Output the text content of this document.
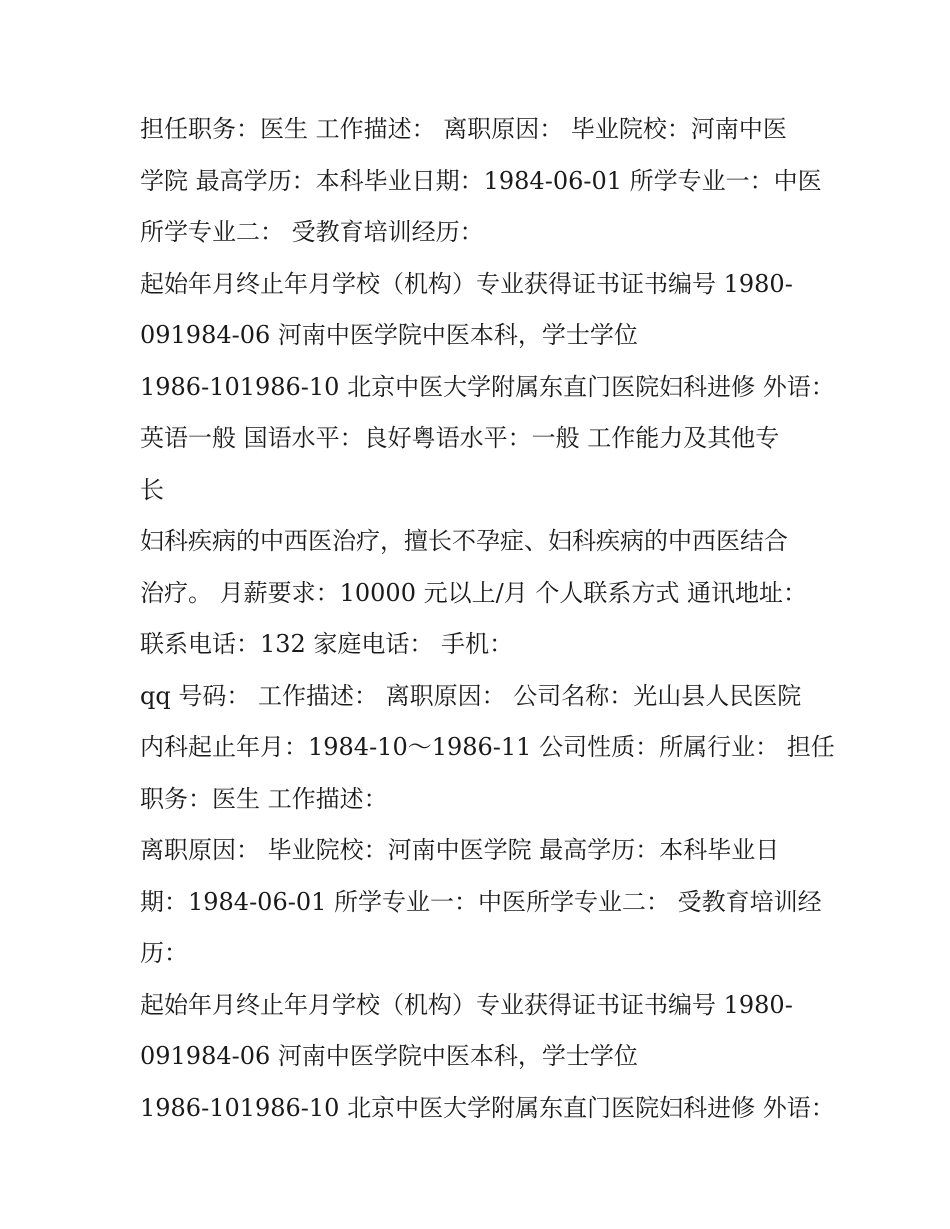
担任职务：医生 工作描述： 离职原因： 毕业院校：河南中医
学院 最高学历：本科毕业日期：1984-06-01 所学专业一：中医
所学专业二： 受教育培训经历：
起始年月终止年月学校（机构）专业获得证书证书编号 1980-
091984-06 河南中医学院中医本科，学士学位
1986-101986-10 北京中医大学附属东直门医院妇科进修 外语：
英语一般 国语水平：良好粤语水平：一般 工作能力及其他专
长
妇科疾病的中西医治疗，擅长不孕症、妇科疾病的中西医结合
治疗。 月薪要求：10000 元以上/月 个人联系方式 通讯地址：
联系电话：132 家庭电话： 手机：
qq 号码： 工作描述： 离职原因： 公司名称：光山县人民医院
内科起止年月：1984-10～1986-11 公司性质：所属行业： 担任
职务：医生 工作描述：
离职原因： 毕业院校：河南中医学院 最高学历：本科毕业日
期：1984-06-01 所学专业一：中医所学专业二： 受教育培训经
历：
起始年月终止年月学校（机构）专业获得证书证书编号 1980-
091984-06 河南中医学院中医本科，学士学位
1986-101986-10 北京中医大学附属东直门医院妇科进修 外语：
